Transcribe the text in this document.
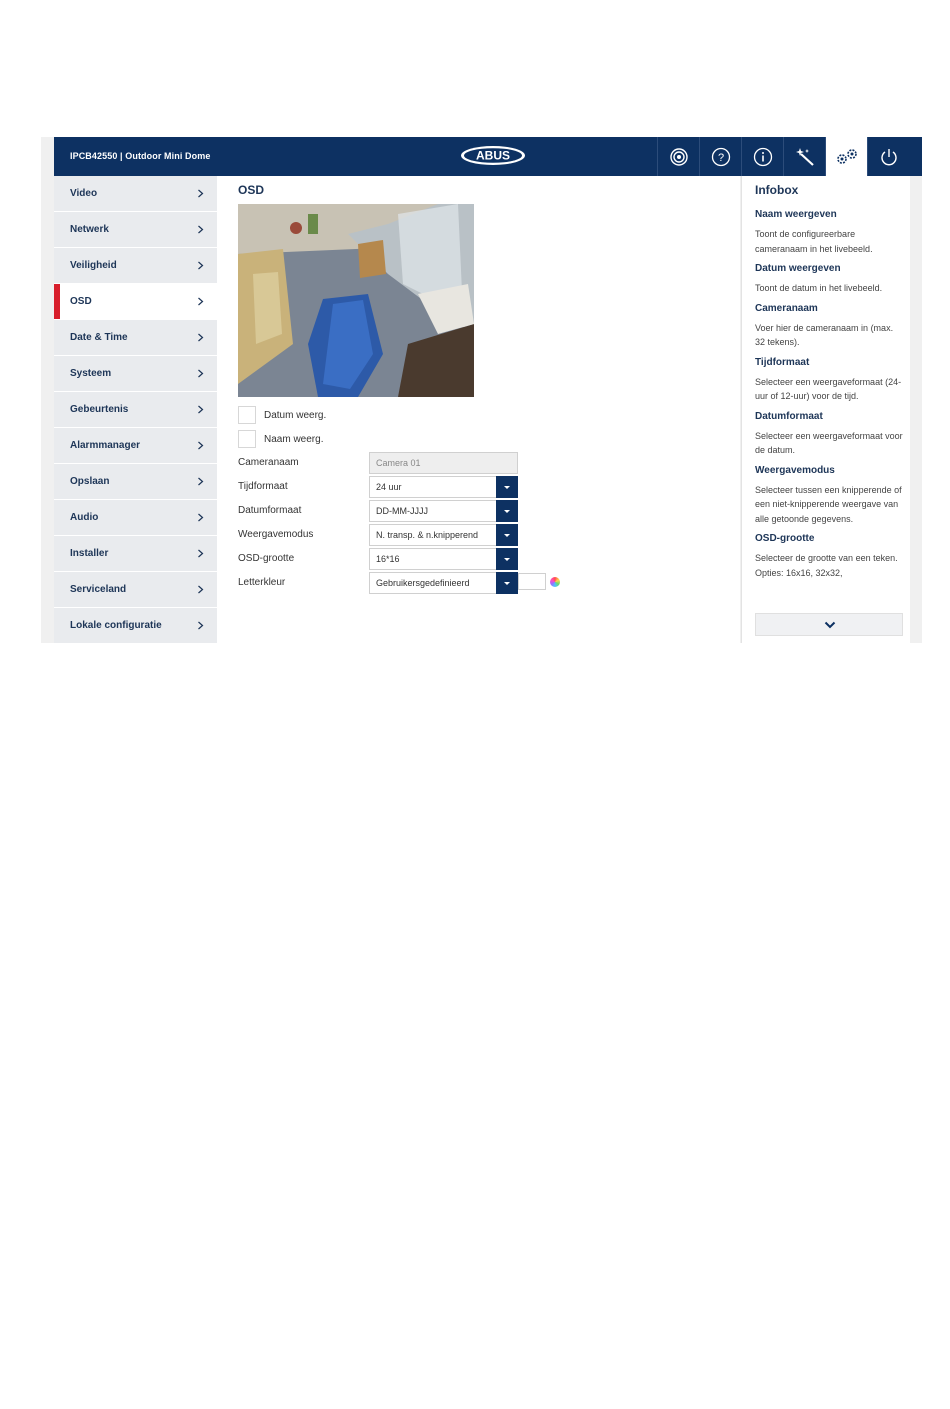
IPCB42550 | Outdoor Mini Dome	ABUS	?
Video
Netwerk
Veiligheid
OSD
Date & Time
Systeem
Gebeurtenis
Alarmmanager
Opslaan
Audio
Installer
Serviceland
Lokale configuratie
OSD
Datum weerg.
Naam weerg.
Cameranaam	Camera 01
Tijdformaat	24 uur
Datumformaat	DD-MM-JJJJ
Weergavemodus	N. transp. & n.knipperend
OSD-grootte	16*16
Letterkleur	Gebruikersgedefinieerd
Infobox
Naam weergeven
Toont de configureerbare cameranaam in het livebeeld.
Datum weergeven
Toont de datum in het livebeeld.
Cameranaam
Voer hier de cameranaam in (max. 32 tekens).
Tijdformaat
Selecteer een weergaveformaat (24-uur of 12-uur) voor de tijd.
Datumformaat
Selecteer een weergaveformaat voor de datum.
Weergavemodus
Selecteer tussen een knipperende of een niet-knipperende weergave van alle getoonde gegevens.
OSD-grootte
Selecteer de grootte van een teken. Opties: 16x16, 32x32,
